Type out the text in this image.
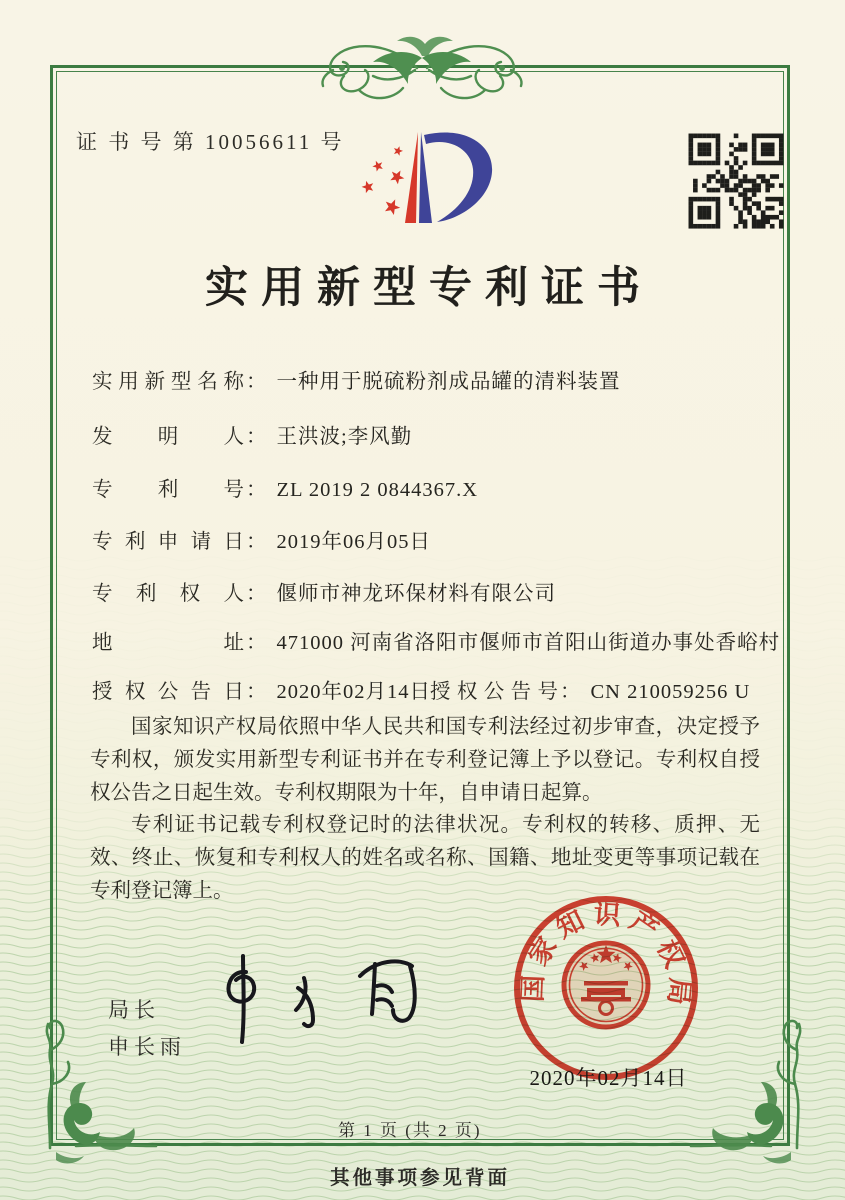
证 书 号 第 10056611 号
实用新型专利证书
实用新型名称： 一种用于脱硫粉剂成品罐的清料装置
发明人： 王洪波;李风勤
专利号： ZL 2019 2 0844367.X
专利申请日： 2019年06月05日
专利权人： 偃师市神龙环保材料有限公司
地址： 471000 河南省洛阳市偃师市首阳山街道办事处香峪村
授权公告日： 2020年02月14日 授权公告号： CN 210059256 U

国家知识产权局依照中华人民共和国专利法经过初步审查，决定授予专利权，颁发实用新型专利证书并在专利登记簿上予以登记。专利权自授权公告之日起生效。专利权期限为十年，自申请日起算。

专利证书记载专利权登记时的法律状况。专利权的转移、质押、无效、终止、恢复和专利权人的姓名或名称、国籍、地址变更等事项记载在专利登记簿上。

局长
申长雨
国家知识产权局
2020年02月14日
第 1 页 (共 2 页)
其他事项参见背面
